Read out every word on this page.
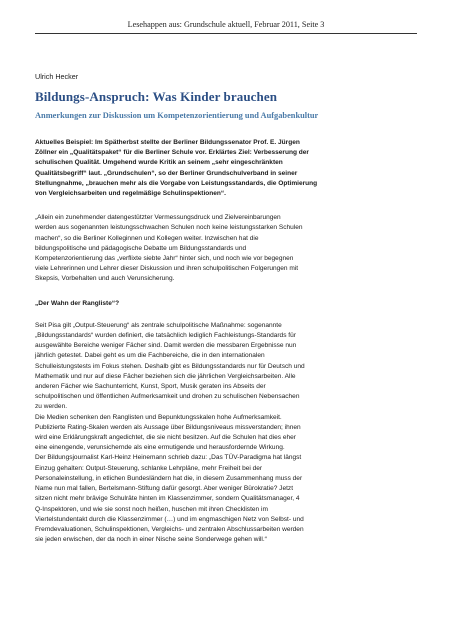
Lesehappen aus: Grundschule aktuell, Februar 2011, Seite 3

Ulrich Hecker

Bildungs-Anspruch: Was Kinder brauchen

Anmerkungen zur Diskussion um Kompetenzorientierung und Aufgabenkultur

Aktuelles Beispiel: Im Spätherbst stellte der Berliner Bildungssenator Prof. E. Jürgen
Zöllner ein „Qualitätspaket“ für die Berliner Schule vor. Erklärtes Ziel: Verbesserung der
schulischen Qualität. Umgehend wurde Kritik an seinem „sehr eingeschränkten
Qualitätsbegriff“ laut. „Grundschulen“, so der Berliner Grundschulverband in seiner
Stellungnahme, „brauchen mehr als die Vorgabe von Leistungsstandards, die Optimierung
von Vergleichsarbeiten und regelmäßige Schulinspektionen“.

„Allein ein zunehmender datengestützter Vermessungsdruck und Zielvereinbarungen
werden aus sogenannten leistungsschwachen Schulen noch keine leistungsstarken Schulen
machen“, so die Berliner Kolleginnen und Kollegen weiter. Inzwischen hat die
bildungspolitische und pädagogische Debatte um Bildungsstandards und
Kompetenzorientierung das „verflixte siebte Jahr“ hinter sich, und noch wie vor begegnen
viele Lehrerinnen und Lehrer dieser Diskussion und ihren schulpolitischen Folgerungen mit
Skepsis, Vorbehalten und auch Verunsicherung.

„Der Wahn der Rangliste“?

Seit Pisa gilt „Output-Steuerung“ als zentrale schulpolitische Maßnahme: sogenannte
„Bildungsstandards“ wurden definiert, die tatsächlich lediglich Fachleistungs-Standards für
ausgewählte Bereiche weniger Fächer sind. Damit werden die messbaren Ergebnisse nun
jährlich getestet. Dabei geht es um die Fachbereiche, die in den internationalen
Schulleistungstests im Fokus stehen. Deshalb gibt es Bildungsstandards nur für Deutsch und
Mathematik und nur auf diese Fächer beziehen sich die jährlichen Vergleichsarbeiten. Alle
anderen Fächer wie Sachunterricht, Kunst, Sport, Musik geraten ins Abseits der
schulpolitischen und öffentlichen Aufmerksamkeit und drohen zu schulischen Nebensachen
zu werden.
Die Medien schenken den Ranglisten und Bepunktungsskalen hohe Aufmerksamkeit.
Publizierte Rating-Skalen werden als Aussage über Bildungsniveaus missverstanden; ihnen
wird eine Erklärungskraft angedichtet, die sie nicht besitzen. Auf die Schulen hat dies eher
eine einengende, verunsichernde als eine ermutigende und herausfordernde Wirkung.
Der Bildungsjournalist Karl-Heinz Heinemann schrieb dazu: „Das TÜV-Paradigma hat längst
Einzug gehalten: Output-Steuerung, schlanke Lehrpläne, mehr Freiheit bei der
Personaleinstellung, in etlichen Bundesländern hat die, in diesem Zusammenhang muss der
Name nun mal fallen, Bertelsmann-Stiftung dafür gesorgt. Aber weniger Bürokratie? Jetzt
sitzen nicht mehr brävige Schulräte hinten im Klassenzimmer, sondern Qualitätsmanager, 4
Q-Inspektoren, und wie sie sonst noch heißen, huschen mit ihren Checklisten im
Viertelstundentakt durch die Klassenzimmer (…) und im engmaschigen Netz von Selbst- und
Fremdevaluationen, Schulinspektionen, Vergleichs- und zentralen Abschlussarbeiten werden
sie jeden erwischen, der da noch in einer Nische seine Sonderwege gehen will.“
